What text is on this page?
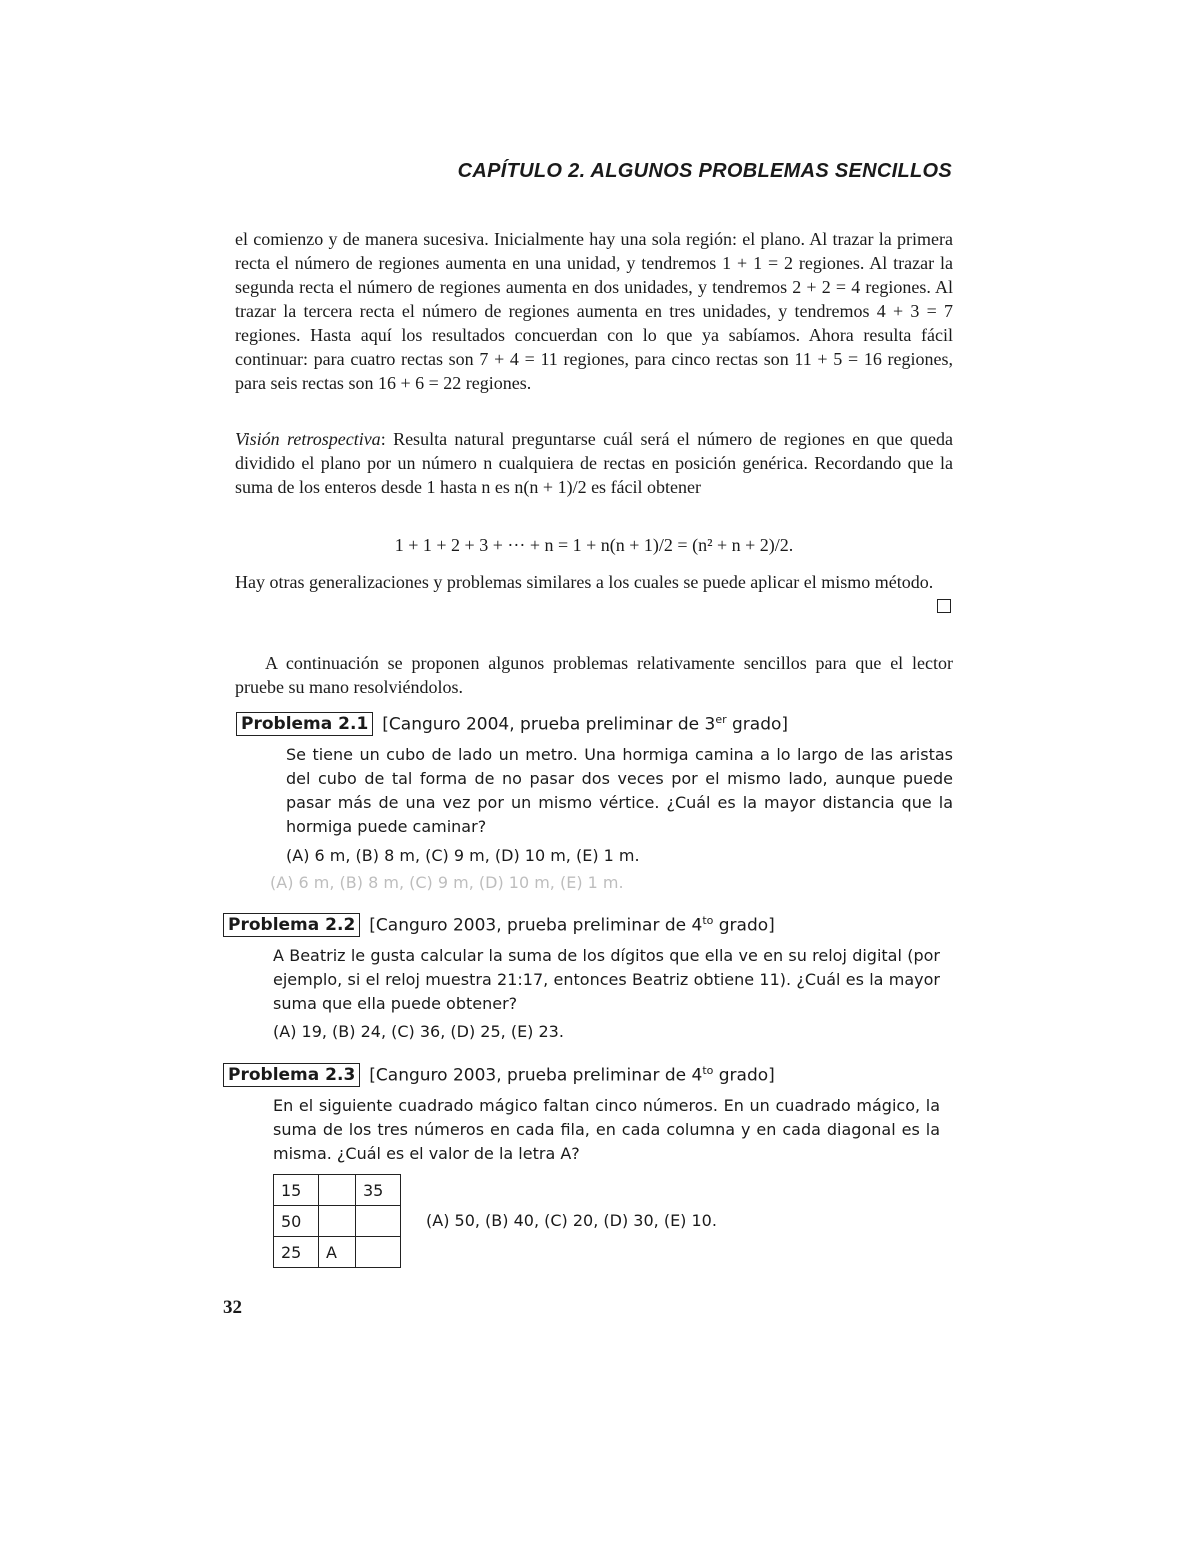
CAPÍTULO 2. ALGUNOS PROBLEMAS SENCILLOS

el comienzo y de manera sucesiva. Inicialmente hay una sola región: el plano. Al trazar la primera recta el número de regiones aumenta en una unidad, y tendremos 1 + 1 = 2 regiones. Al trazar la segunda recta el número de regiones aumenta en dos unidades, y tendremos 2 + 2 = 4 regiones. Al trazar la tercera recta el número de regiones aumenta en tres unidades, y tendremos 4 + 3 = 7 regiones. Hasta aquí los resultados concuerdan con lo que ya sabíamos. Ahora resulta fácil continuar: para cuatro rectas son 7 + 4 = 11 regiones, para cinco rectas son 11 + 5 = 16 regiones, para seis rectas son 16 + 6 = 22 regiones.

Visión retrospectiva: Resulta natural preguntarse cuál será el número de regiones en que queda dividido el plano por un número n cualquiera de rectas en posición genérica. Recordando que la suma de los enteros desde 1 hasta n es n(n + 1)/2 es fácil obtener

1 + 1 + 2 + 3 + ··· + n = 1 + n(n + 1)/2 = (n² + n + 2)/2.

Hay otras generalizaciones y problemas similares a los cuales se puede aplicar el mismo método.

A continuación se proponen algunos problemas relativamente sencillos para que el lector pruebe su mano resolviéndolos.

Problema 2.1 [Canguro 2004, prueba preliminar de 3er grado]

Se tiene un cubo de lado un metro. Una hormiga camina a lo largo de las aristas del cubo de tal forma de no pasar dos veces por el mismo lado, aunque puede pasar más de una vez por un mismo vértice. ¿Cuál es la mayor distancia que la hormiga puede caminar?

(A) 6 m, (B) 8 m, (C) 9 m, (D) 10 m, (E) 1 m.
(A) 6 m, (B) 8 m, (C) 9 m, (D) 10 m, (E) 1 m.
Problema 2.2 [Canguro 2003, prueba preliminar de $4^{to}$ grado]

A Beatriz le gusta calcular la suma de los dígitos que ella ve en su reloj digital (por ejemplo, si el reloj muestra 21:17, entonces Beatriz obtiene 11). ¿Cuál es la mayor suma que ella puede obtener?

(A) 19, (B) 24, (C) 36, (D) 25, (E) 23.
Problema 2.3 [Canguro 2003, prueba preliminar de $4^{to}$ grado]

En el siguiente cuadrado mágico faltan cinco números. En un cuadrado mágico, la suma de los tres números en cada fila, en cada columna y en cada diagonal es la misma. ¿Cuál es el valor de la letra A?

15		35
50		
25	A	
(A) 50, (B) 40, (C) 20, (D) 30, (E) 10.
32
